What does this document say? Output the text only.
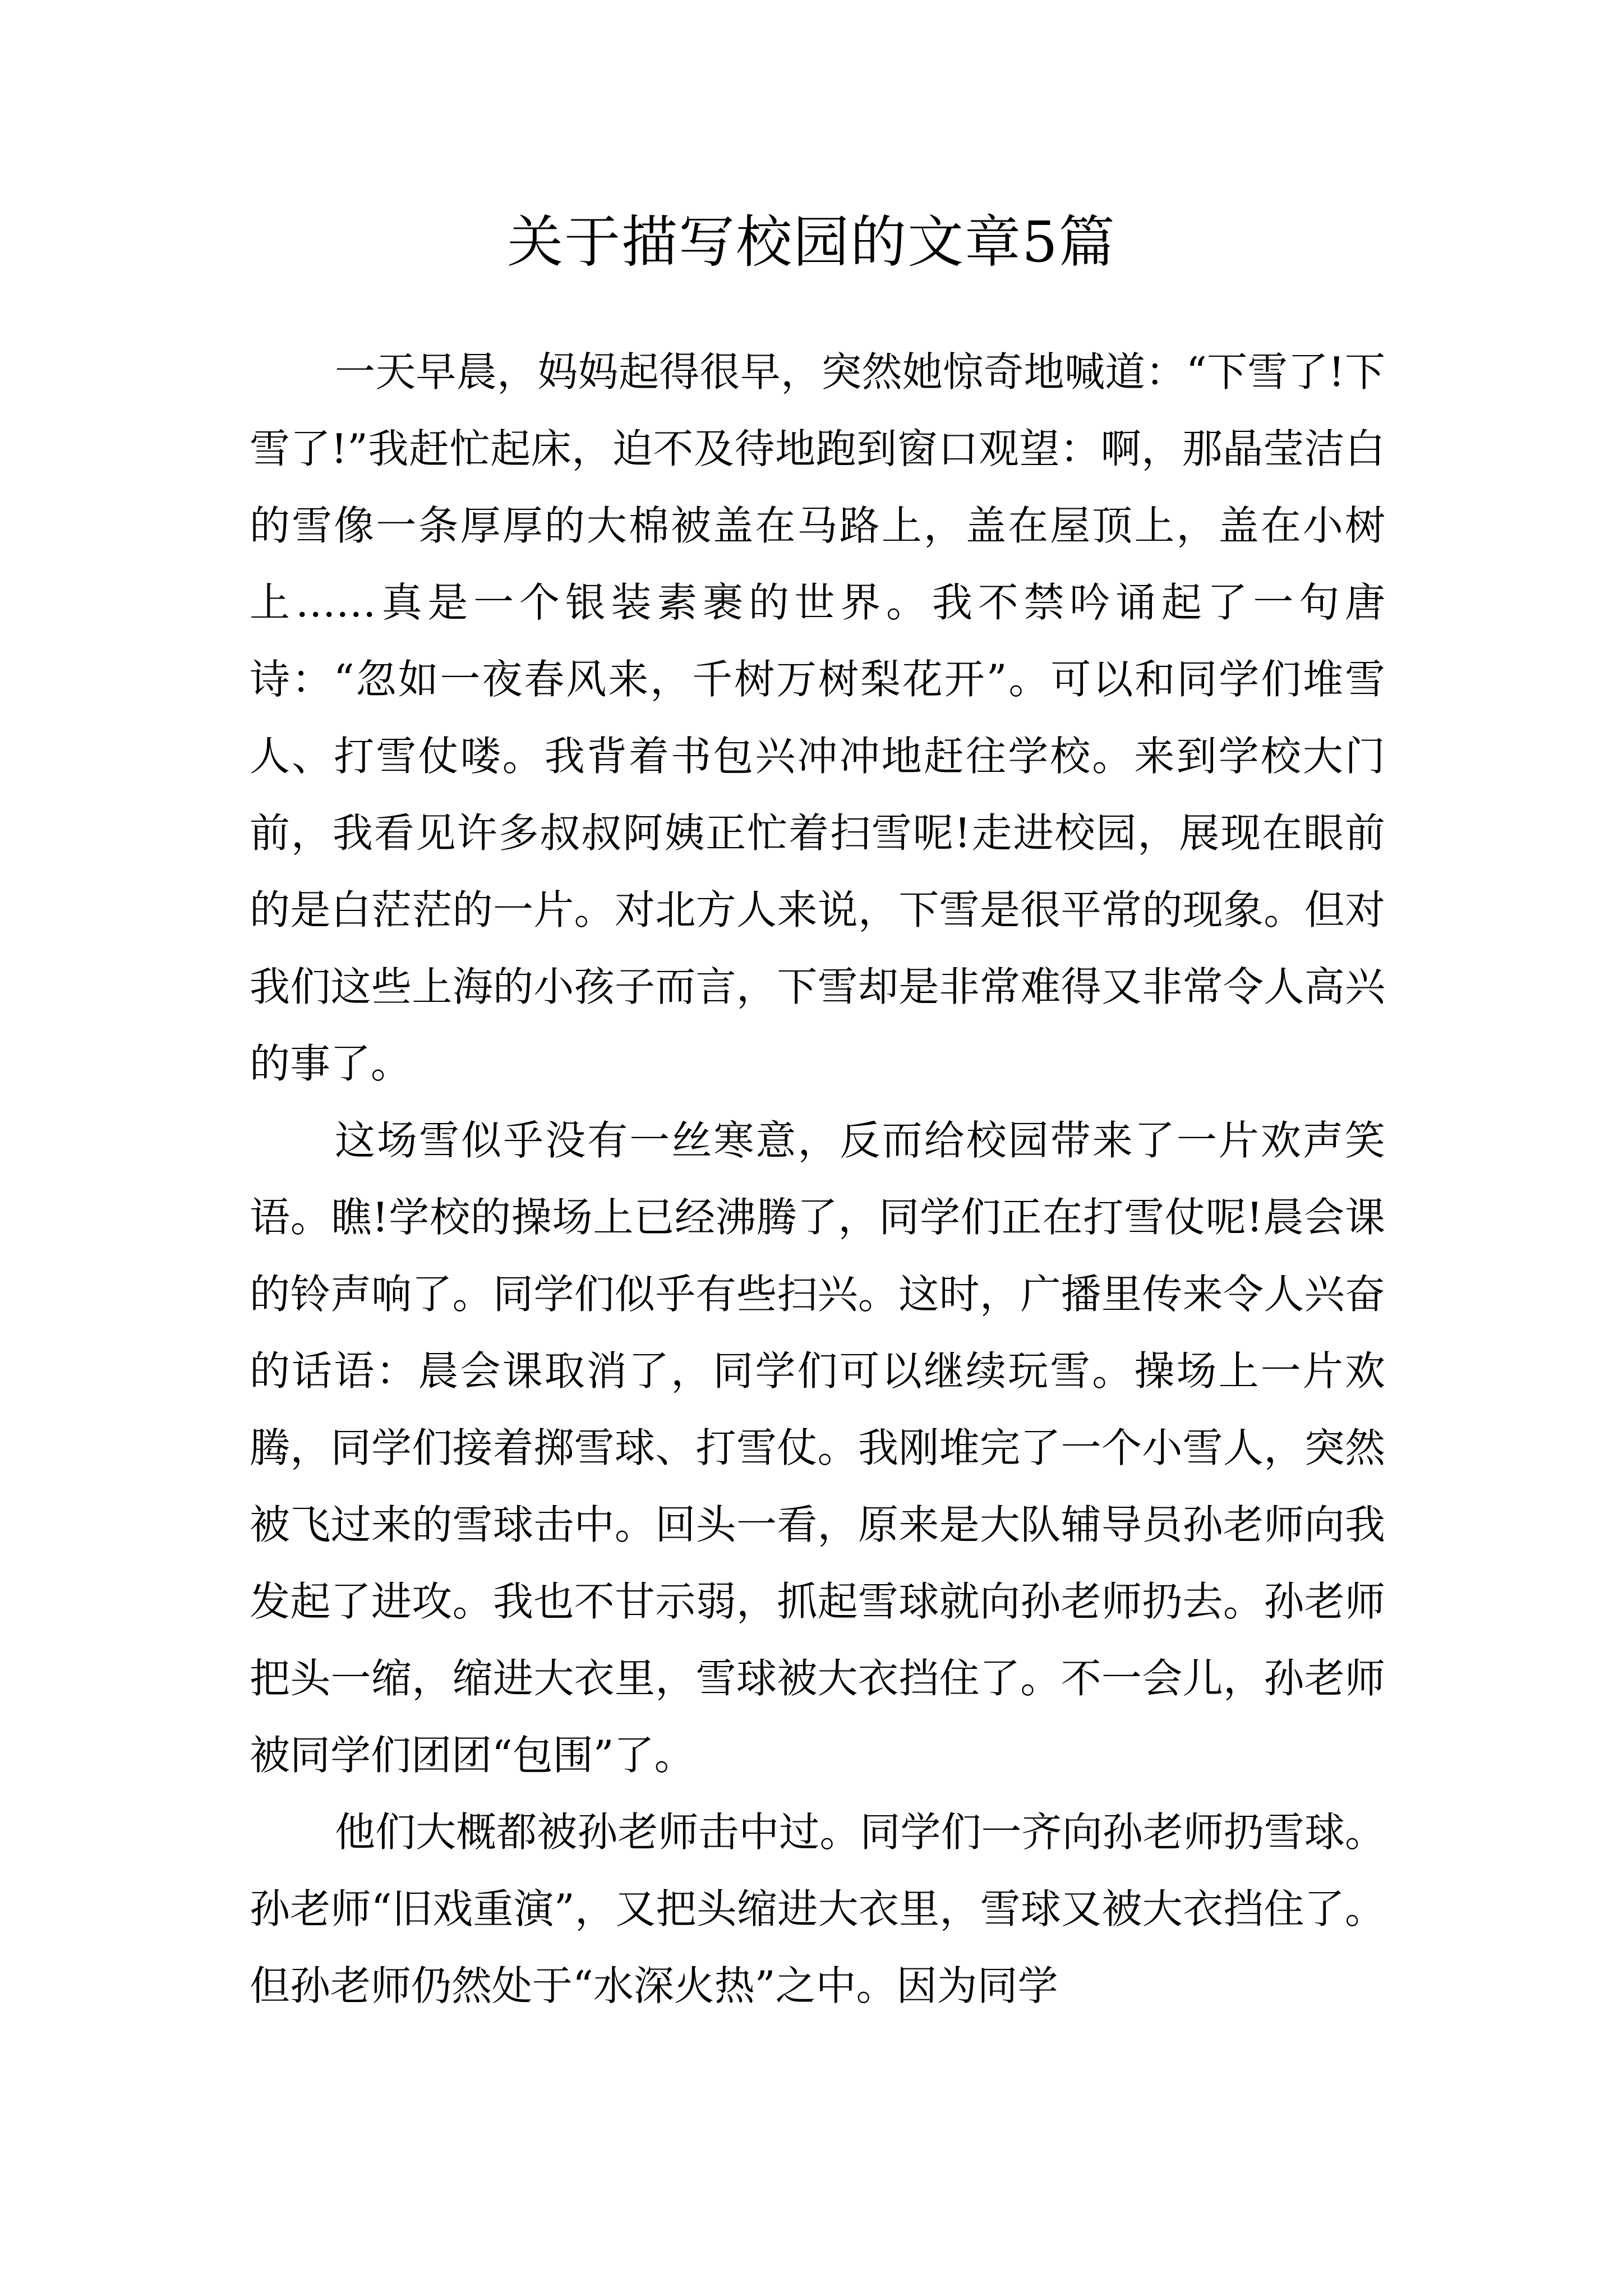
关于描写校园的文章5篇

一天早晨，妈妈起得很早，突然她惊奇地喊道：“下雪了!下雪了!”我赶忙起床，迫不及待地跑到窗口观望：啊，那晶莹洁白的雪像一条厚厚的大棉被盖在马路上，盖在屋顶上，盖在小树上……真是一个银装素裹的世界。我不禁吟诵起了一句唐诗：“忽如一夜春风来，千树万树梨花开”。可以和同学们堆雪人、打雪仗喽。我背着书包兴冲冲地赶往学校。来到学校大门前，我看见许多叔叔阿姨正忙着扫雪呢!走进校园，展现在眼前的是白茫茫的一片。对北方人来说，下雪是很平常的现象。但对我们这些上海的小孩子而言，下雪却是非常难得又非常令人高兴的事了。

这场雪似乎没有一丝寒意，反而给校园带来了一片欢声笑语。瞧!学校的操场上已经沸腾了，同学们正在打雪仗呢!晨会课的铃声响了。同学们似乎有些扫兴。这时，广播里传来令人兴奋的话语：晨会课取消了，同学们可以继续玩雪。操场上一片欢腾，同学们接着掷雪球、打雪仗。我刚堆完了一个小雪人，突然被飞过来的雪球击中。回头一看，原来是大队辅导员孙老师向我发起了进攻。我也不甘示弱，抓起雪球就向孙老师扔去。孙老师把头一缩，缩进大衣里，雪球被大衣挡住了。不一会儿，孙老师被同学们团团“包围”了。

他们大概都被孙老师击中过。同学们一齐向孙老师扔雪球。孙老师“旧戏重演”，又把头缩进大衣里，雪球又被大衣挡住了。但孙老师仍然处于“水深火热”之中。因为同学
